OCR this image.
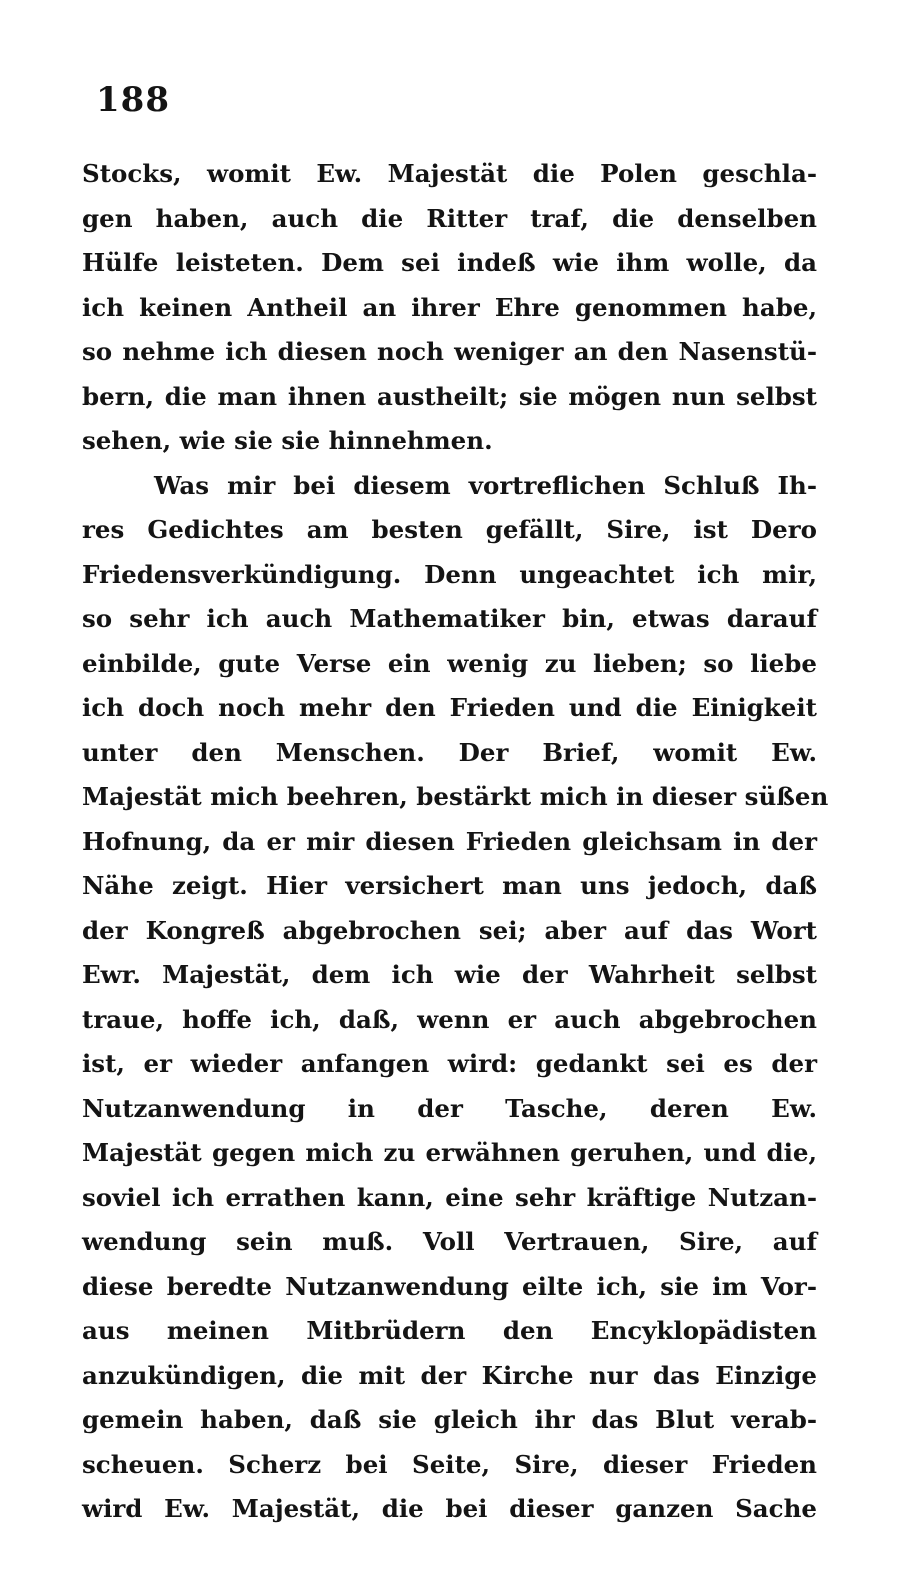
188
Stocks, womit Ew. Majestät die Polen geschla-
gen haben, auch die Ritter traf, die denselben
Hülfe leisteten. Dem sei indeß wie ihm wolle, da
ich keinen Antheil an ihrer Ehre genommen habe,
so nehme ich diesen noch weniger an den Nasenstü-
bern, die man ihnen austheilt; sie mögen nun selbst
sehen, wie sie sie hinnehmen.
Was mir bei diesem vortreflichen Schluß Ih-
res Gedichtes am besten gefällt, Sire, ist Dero
Friedensverkündigung. Denn ungeachtet ich mir,
so sehr ich auch Mathematiker bin, etwas darauf
einbilde, gute Verse ein wenig zu lieben; so liebe
ich doch noch mehr den Frieden und die Einigkeit
unter den Menschen. Der Brief, womit Ew.
Majestät mich beehren, bestärkt mich in dieser süßen
Hofnung, da er mir diesen Frieden gleichsam in der
Nähe zeigt. Hier versichert man uns jedoch, daß
der Kongreß abgebrochen sei; aber auf das Wort
Ewr. Majestät, dem ich wie der Wahrheit selbst
traue, hoffe ich, daß, wenn er auch abgebrochen
ist, er wieder anfangen wird: gedankt sei es der
Nutzanwendung in der Tasche, deren Ew.
Majestät gegen mich zu erwähnen geruhen, und die,
soviel ich errathen kann, eine sehr kräftige Nutzan-
wendung sein muß. Voll Vertrauen, Sire, auf
diese beredte Nutzanwendung eilte ich, sie im Vor-
aus meinen Mitbrüdern den Encyklopädisten
anzukündigen, die mit der Kirche nur das Einzige
gemein haben, daß sie gleich ihr das Blut verab-
scheuen. Scherz bei Seite, Sire, dieser Frieden
wird Ew. Majestät, die bei dieser ganzen Sache
